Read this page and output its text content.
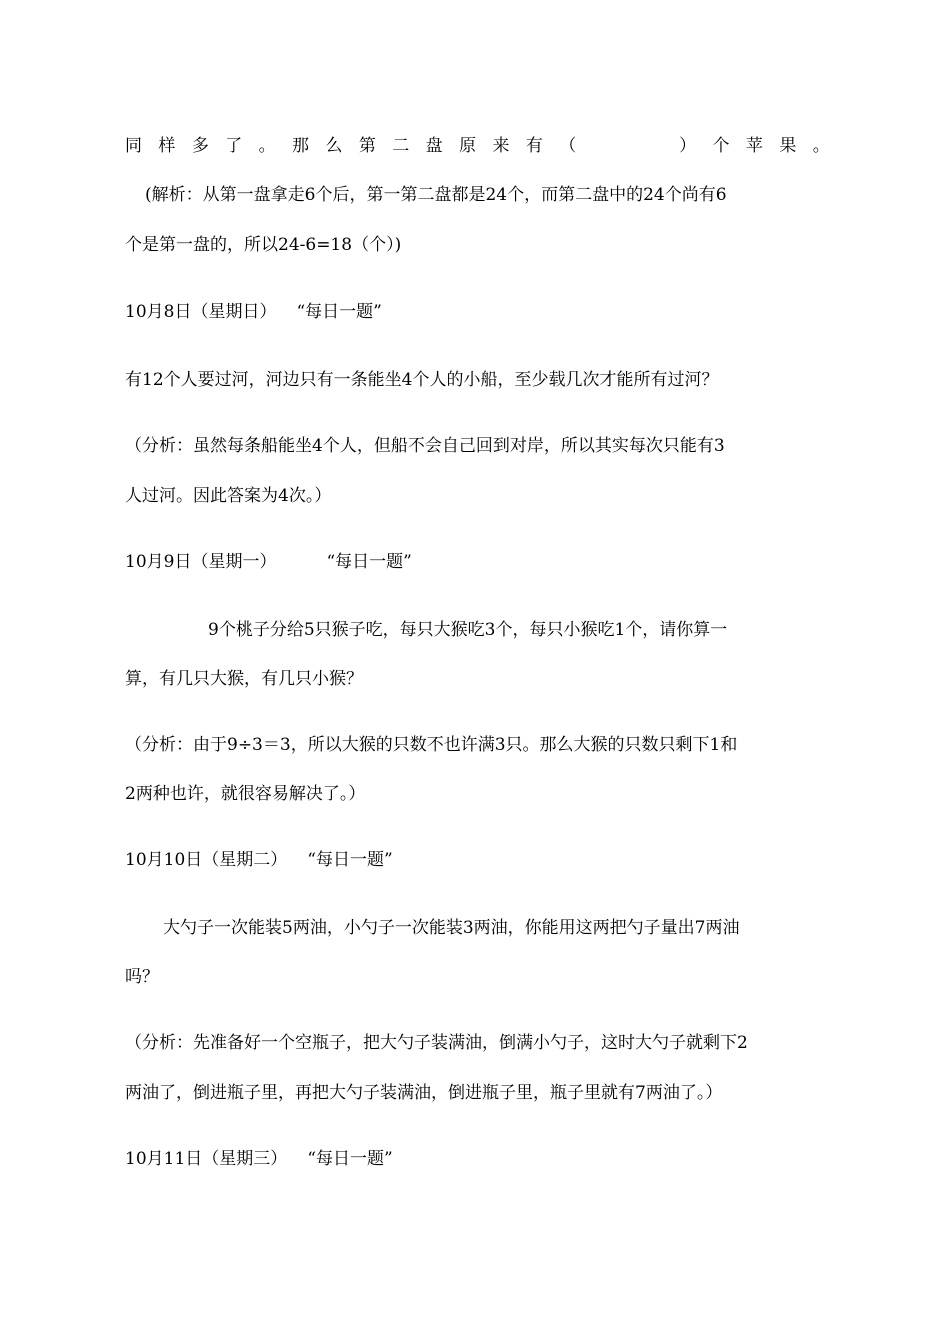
同 样 多 了 。 那 么 第 二 盘 原 来 有 （	） 个 苹 果 。
(解析：从第一盘拿走6个后，第一第二盘都是24个，而第二盘中的24个尚有6
个是第一盘的，所以24-6=18（个）)
10月8日（星期日） “每日一题”
有12个人要过河，河边只有一条能坐4个人的小船，至少载几次才能所有过河？
（分析：虽然每条船能坐4个人，但船不会自己回到对岸，所以其实每次只能有3
人过河。因此答案为4次。）
10月9日（星期一）	“每日一题”
9个桃子分给5只猴子吃，每只大猴吃3个，每只小猴吃1个，请你算一
算，有几只大猴，有几只小猴？
（分析：由于9÷3＝3，所以大猴的只数不也许满3只。那么大猴的只数只剩下1和
2两种也许，就很容易解决了。）
10月10日（星期二） “每日一题”
大勺子一次能装5两油，小勺子一次能装3两油，你能用这两把勺子量出7两油
吗？
（分析：先准备好一个空瓶子，把大勺子装满油，倒满小勺子，这时大勺子就剩下2
两油了，倒进瓶子里，再把大勺子装满油，倒进瓶子里，瓶子里就有7两油了。）
10月11日（星期三） “每日一题”
